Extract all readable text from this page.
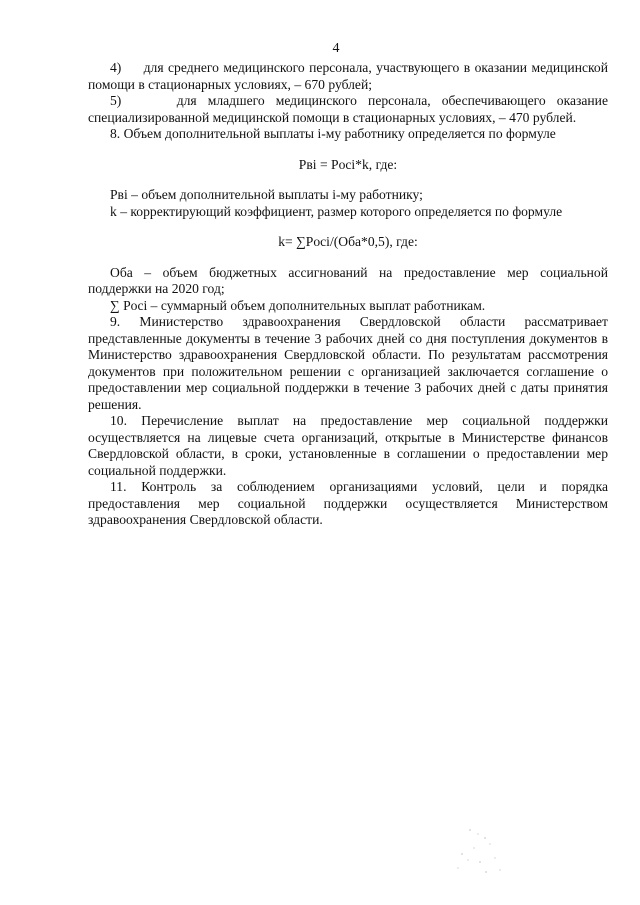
4

4)     для среднего медицинского персонала, участвующего в оказании медицинской помощи в стационарных условиях, – 670 рублей;

5)     для младшего медицинского персонала, обеспечивающего оказание специализированной медицинской помощи в стационарных условиях, – 470 рублей.

8. Объем дополнительной выплаты i-му работнику определяется по формуле

Pвi = Pоci*k, где:

Pвi – объем дополнительной выплаты i-му работнику;

k – корректирующий коэффициент, размер которого определяется по формуле

k= ∑Pоci/(Оба*0,5), где:

Оба – объем бюджетных ассигнований на предоставление мер социальной поддержки на 2020 год;

∑ Pоci – суммарный объем дополнительных выплат работникам.

9. Министерство здравоохранения Свердловской области рассматривает представленные документы в течение 3 рабочих дней со дня поступления документов в Министерство здравоохранения Свердловской области. По результатам рассмотрения документов при положительном решении с организацией заключается соглашение о предоставлении мер социальной поддержки в течение 3 рабочих дней с даты принятия решения.

10. Перечисление выплат на предоставление мер социальной поддержки осуществляется на лицевые счета организаций, открытые в Министерстве финансов Свердловской области, в сроки, установленные в соглашении о предоставлении мер социальной поддержки.

11. Контроль за соблюдением организациями условий, цели и порядка предоставления мер социальной поддержки осуществляется Министерством здравоохранения Свердловской области.
